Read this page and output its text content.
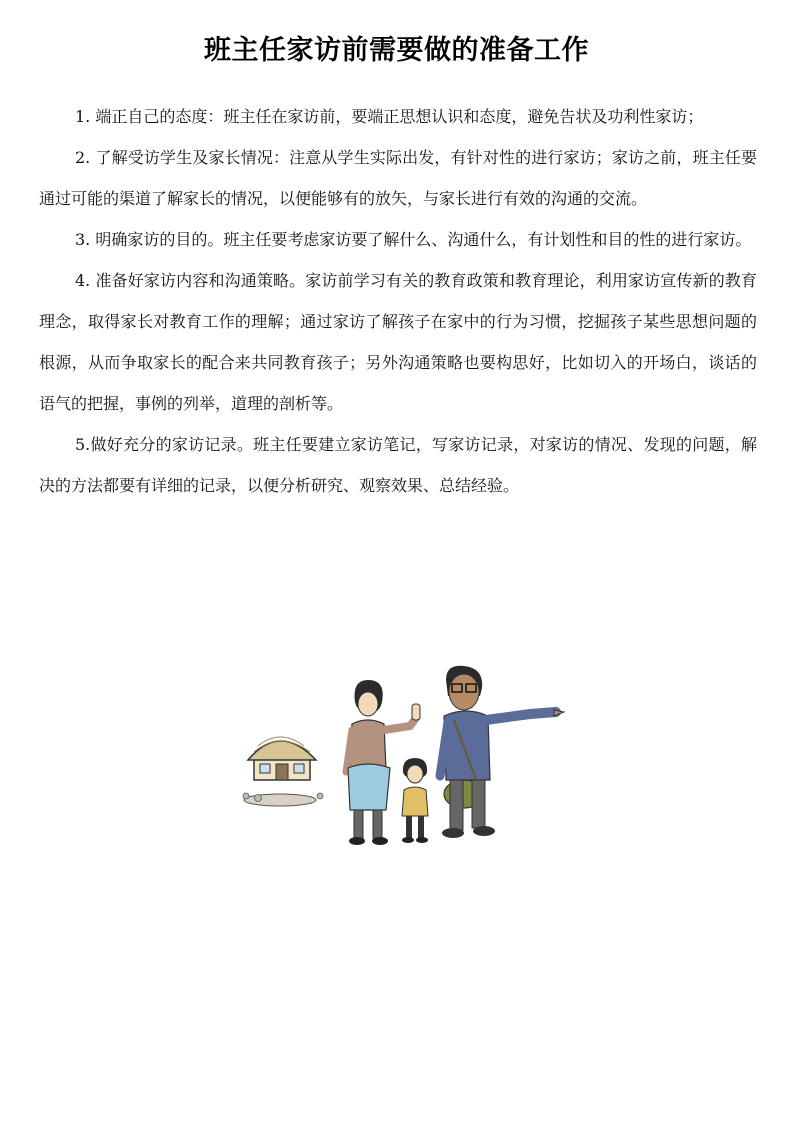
班主任家访前需要做的准备工作

1. 端正自己的态度：班主任在家访前，要端正思想认识和态度，避免告状及功利性家访；

2. 了解受访学生及家长情况：注意从学生实际出发，有针对性的进行家访；家访之前，班主任要通过可能的渠道了解家长的情况，以便能够有的放矢，与家长进行有效的沟通的交流。

3. 明确家访的目的。班主任要考虑家访要了解什么、沟通什么，有计划性和目的性的进行家访。

4. 准备好家访内容和沟通策略。家访前学习有关的教育政策和教育理论，利用家访宣传新的教育理念，取得家长对教育工作的理解；通过家访了解孩子在家中的行为习惯，挖掘孩子某些思想问题的根源，从而争取家长的配合来共同教育孩子；另外沟通策略也要构思好，比如切入的开场白，谈话的语气的把握，事例的列举，道理的剖析等。

5.做好充分的家访记录。班主任要建立家访笔记，写家访记录，对家访的情况、发现的问题，解决的方法都要有详细的记录，以便分析研究、观察效果、总结经验。
